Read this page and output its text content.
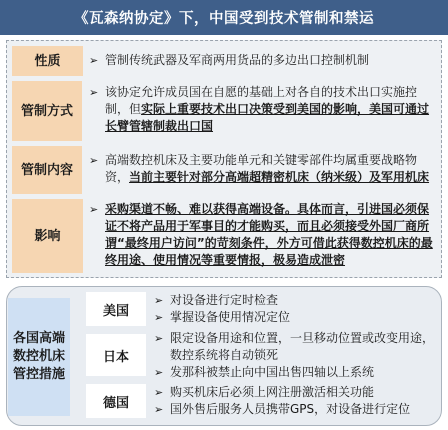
《瓦森纳协定》下，中国受到技术管制和禁运
性质	➢ 管制传统武器及军商两用货品的多边出口控制机制
管制方式
➢ 该协定允许成员国在自愿的基础上对各自的技术出口实施控制，但实际上重要技术出口决策受到美国的影响，美国可通过长臂管辖制裁出口国
管制内容
➢ 高端数控机床及主要功能单元和关键零部件均属重要战略物资，当前主要针对部分高端超精密机床（纳米级）及军用机床
影响
➢ 采购渠道不畅、难以获得高端设备。具体而言，引进国必须保证不将产品用于军事目的才能购买，而且必须接受外国厂商所谓“最终用户访问”的苛刻条件，外方可借此获得数控机床的最终用途、使用情况等重要情报，极易造成泄密
各国高端数控机床管控措施
美国
➢ 对设备进行定时检查
➢ 掌握设备使用情况定位
日本
➢ 限定设备用途和位置，一旦移动位置或改变用途，数控系统将自动锁死
➢ 发那科被禁止向中国出售四轴以上系统
德国
➢ 购买机床后必须上网注册激活相关功能
➢ 国外售后服务人员携带GPS，对设备进行定位
